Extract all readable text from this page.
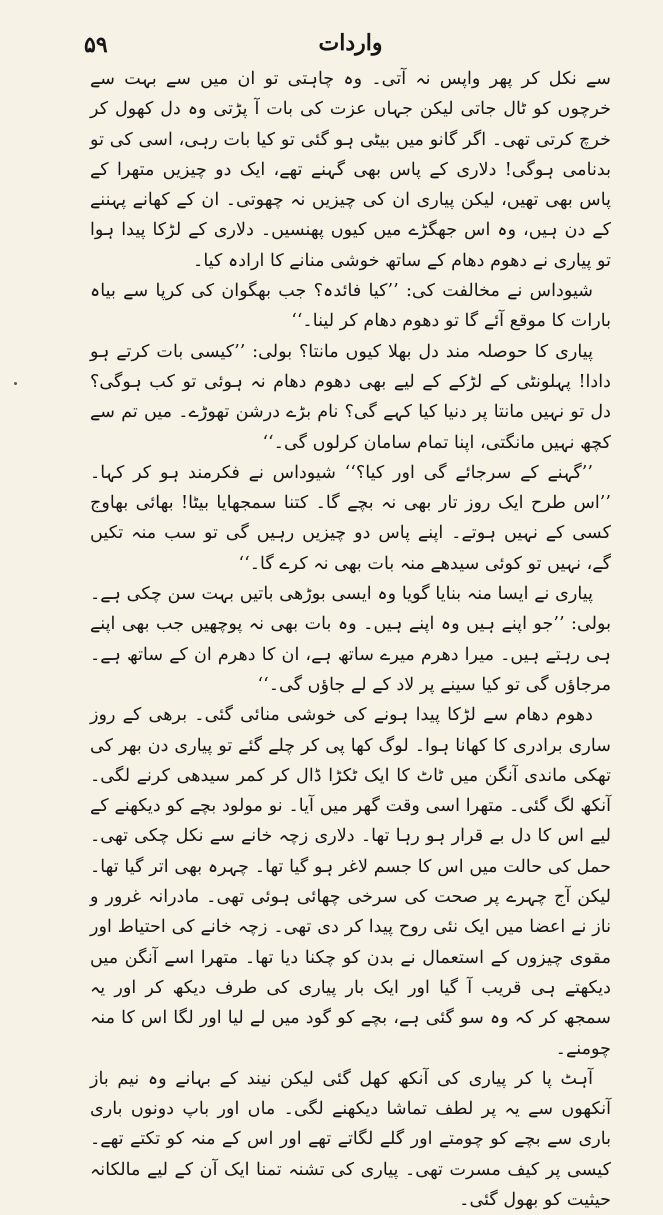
۵۹	واردات

سے نکل کر پھر واپس نہ آتی۔ وہ چاہتی تو ان میں سے بہت سے خرچوں کو ٹال جاتی لیکن جہاں عزت کی بات آ پڑتی وہ دل کھول کر خرچ کرتی تھی۔ اگر گانو میں بیٹی ہو گئی تو کیا بات رہی، اسی کی تو بدنامی ہوگی! دلاری کے پاس بھی گہنے تھے، ایک دو چیزیں متھرا کے پاس بھی تھیں، لیکن پیاری ان کی چیزیں نہ چھوتی۔ ان کے کھانے پہننے کے دن ہیں، وہ اس جھگڑے میں کیوں پھنسیں۔ دلاری کے لڑکا پیدا ہوا تو پیاری نے دھوم دھام کے ساتھ خوشی منانے کا ارادہ کیا۔

شیوداس نے مخالفت کی: ’’کیا فائدہ؟ جب بھگوان کی کرپا سے بیاہ بارات کا موقع آئے گا تو دھوم دھام کر لینا۔‘‘

پیاری کا حوصلہ مند دل بھلا کیوں مانتا؟ بولی: ’’کیسی بات کرتے ہو دادا! پہلونٹی کے لڑکے کے لیے بھی دھوم دھام نہ ہوئی تو کب ہوگی؟ دل تو نہیں مانتا پر دنیا کیا کہے گی؟ نام بڑے درشن تھوڑے۔ میں تم سے کچھ نہیں مانگتی، اپنا تمام سامان کرلوں گی۔‘‘

’’گہنے کے سرجائے گی اور کیا؟‘‘ شیوداس نے فکرمند ہو کر کہا۔ ’’اس طرح ایک روز تار بھی نہ بچے گا۔ کتنا سمجھایا بیٹا! بھائی بھاوج کسی کے نہیں ہوتے۔ اپنے پاس دو چیزیں رہیں گی تو سب منہ تکیں گے، نہیں تو کوئی سیدھے منہ بات بھی نہ کرے گا۔‘‘

پیاری نے ایسا منہ بنایا گویا وہ ایسی بوڑھی باتیں بہت سن چکی ہے۔ بولی: ’’جو اپنے ہیں وہ اپنے ہیں۔ وہ بات بھی نہ پوچھیں جب بھی اپنے ہی رہتے ہیں۔ میرا دھرم میرے ساتھ ہے، ان کا دھرم ان کے ساتھ ہے۔ مرجاؤں گی تو کیا سینے پر لاد کے لے جاؤں گی۔‘‘

دھوم دھام سے لڑکا پیدا ہونے کی خوشی منائی گئی۔ برھی کے روز ساری برادری کا کھانا ہوا۔ لوگ کھا پی کر چلے گئے تو پیاری دن بھر کی تھکی ماندی آنگن میں ٹاٹ کا ایک ٹکڑا ڈال کر کمر سیدھی کرنے لگی۔ آنکھ لگ گئی۔ متھرا اسی وقت گھر میں آیا۔ نو مولود بچے کو دیکھنے کے لیے اس کا دل بے قرار ہو رہا تھا۔ دلاری زچہ خانے سے نکل چکی تھی۔ حمل کی حالت میں اس کا جسم لاغر ہو گیا تھا۔ چہرہ بھی اتر گیا تھا۔ لیکن آج چہرے پر صحت کی سرخی چھائی ہوئی تھی۔ مادرانہ غرور و ناز نے اعضا میں ایک نئی روح پیدا کر دی تھی۔ زچہ خانے کی احتیاط اور مقوی چیزوں کے استعمال نے بدن کو چکنا دیا تھا۔ متھرا اسے آنگن میں دیکھتے ہی قریب آ گیا اور ایک بار پیاری کی طرف دیکھ کر اور یہ سمجھ کر کہ وہ سو گئی ہے، بچے کو گود میں لے لیا اور لگا اس کا منہ چومنے۔

آہٹ پا کر پیاری کی آنکھ کھل گئی لیکن نیند کے بہانے وہ نیم باز آنکھوں سے یہ پر لطف تماشا دیکھنے لگی۔ ماں اور باپ دونوں باری باری سے بچے کو چومتے اور گلے لگاتے تھے اور اس کے منہ کو تکتے تھے۔ کیسی پر کیف مسرت تھی۔ پیاری کی تشنہ تمنا ایک آن کے لیے مالکانہ حیثیت کو بھول گئی۔
